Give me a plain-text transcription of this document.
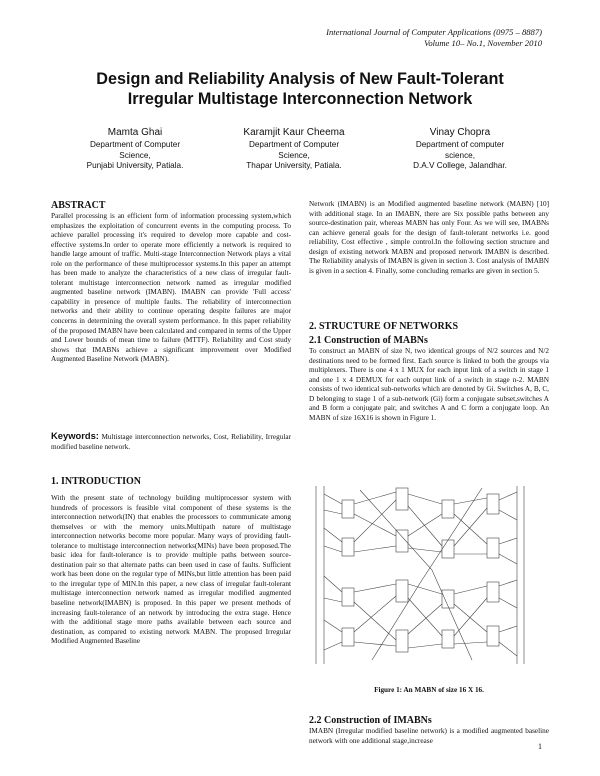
International Journal of Computer Applications (0975 – 8887)
Volume 10– No.1, November 2010
Design and Reliability Analysis of New Fault-Tolerant
Irregular Multistage Interconnection Network
Mamta Ghai
Department of Computer
Science,
Punjabi University, Patiala.
Karamjit Kaur Cheema
Department of Computer
Science,
Thapar University, Patiala.
Vinay Chopra
Department of computer
science,
D.A.V College, Jalandhar.
ABSTRACT

Parallel processing is an efficient form of information processing system,which emphasizes the exploitation of concurrent events in the computing process. To achieve parallel processing it's required to develop more capable and cost-effective systems.In order to operate more efficiently a network is required to handle large amount of traffic. Multi-stage Interconnection Network plays a vital role on the performance of these multiprocessor systems.In this paper an attempt has been made to analyze the characteristics of a new class of irregular fault-tolerant multistage interconnection network named as irregular modified augmented baseline network (IMABN). IMABN can provide 'Full access' capability in presence of multiple faults. The reliability of interconnection networks and their ability to continue operating despite failures are major concerns in determining the overall system performance. In this paper reliability of the proposed IMABN have been calculated and compared in terms of the Upper and Lower bounds of mean time to failure (MTTF). Reliability and Cost study shows that IMABNs achieve a significant improvement over Modified Augmented Baseline Network (MABN).

Keywords: Multistage interconnection networks, Cost, Reliability, Irregular modified baseline network.
1. INTRODUCTION

With the present state of technology building multiprocessor system with hundreds of processors is feasible vital component of these systems is the interconnection network(IN) that enables the processors to communicate among themselves or with the memory units.Multipath nature of multistage interconnection networks become more popular. Many ways of providing fault-tolerance to multistage interconnection networks(MINs) have been proposed.The basic idea for fault-tolerance is to provide multiple paths between source-destination pair so that alternate paths can been used in case of faults. Sufficient work has been done on the regular type of MINs,but little attention has been paid to the irregular type of MIN.In this paper, a new class of irregular fault-tolerant multistage interconnection network named as irregular modified augmented baseline network(IMABN) is proposed. In this paper we present methods of increasing fault-tolerance of an network by introducing the extra stage. Hence with the additional stage more paths available between each source and destination, as compared to existing network MABN. The proposed Irregular Modified Augmented Baseline

Network (IMABN) is an Modified augmented baseline network (MABN) [10] with additional stage. In an IMABN, there are Six possible paths between any source-destination pair, whereas MABN has only Four. As we will see, IMABNs can achieve general goals for the design of fault-tolerant networks i.e. good reliability, Cost effective , simple control.In the following section structure and design of existing network MABN and proposed network IMABN is described. The Reliability analysis of IMABN is given in section 3. Cost analysis of IMABN is given in a section 4. Finally, some concluding remarks are given in section 5.

2. STRUCTURE OF NETWORKS
2.1 Construction of MABNs

To construct an MABN of size N, two identical groups of N/2 sources and N/2 destinations need to be formed first. Each source is linked to both the groups via multiplexers. There is one 4 x 1 MUX for each input link of a switch in stage 1 and one 1 x 4 DEMUX for each output link of a switch in stage n-2. MABN consists of two identical sub-networks which are denoted by Gi. Switches A, B, C, D belonging to stage 1 of a sub-network (Gi) form a conjugate subset,switches A and B form a conjugate pair, and switches A and C form a conjugate loop. An MABN of size 16X16 is shown in Figure 1.

Figure 1: An MABN of size 16 X 16.
2.2 Construction of IMABNs

IMABN (Irregular modified baseline network) is a modified augmented baseline network with one additional stage,increase

1
